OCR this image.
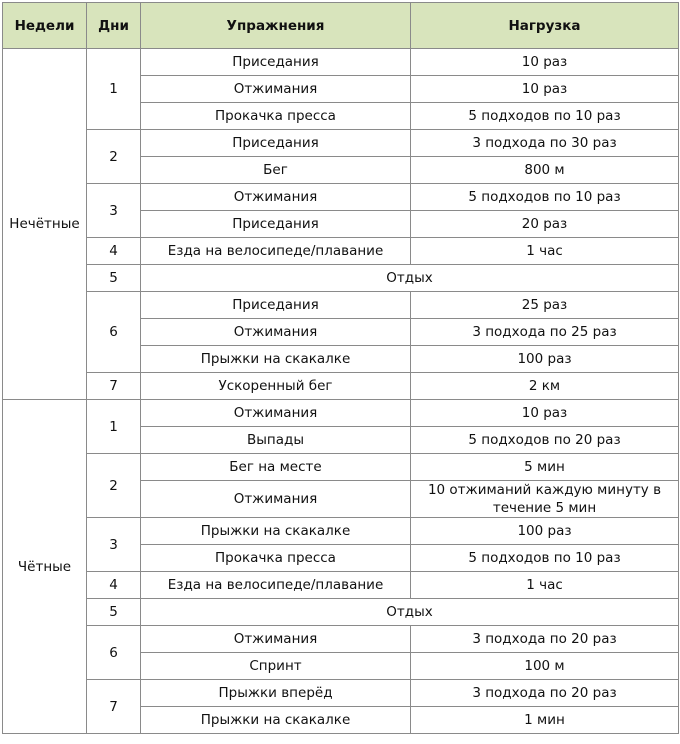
Недели	Дни	Упражнения	Нагрузка
Нечётные	1	Приседания	10 раз
		Отжимания	10 раз
		Прокачка пресса	5 подходов по 10 раз
	2	Приседания	3 подхода по 30 раз
		Бег	800 м
	3	Отжимания	5 подходов по 10 раз
		Приседания	20 раз
	4	Езда на велосипеде/плавание	1 час
	5	Отдых	
	6	Приседания	25 раз
		Отжимания	3 подхода по 25 раз
		Прыжки на скакалке	100 раз
	7	Ускоренный бег	2 км
Чётные	1	Отжимания	10 раз
		Выпады	5 подходов по 20 раз
	2	Бег на месте	5 мин
		Отжимания	10 отжиманий каждую минуту в
течение 5 мин
	3	Прыжки на скакалке	100 раз
		Прокачка пресса	5 подходов по 10 раз
	4	Езда на велосипеде/плавание	1 час
	5	Отдых	
	6	Отжимания	3 подхода по 20 раз
		Спринт	100 м
	7	Прыжки вперёд	3 подхода по 20 раз
		Прыжки на скакалке	1 мин
